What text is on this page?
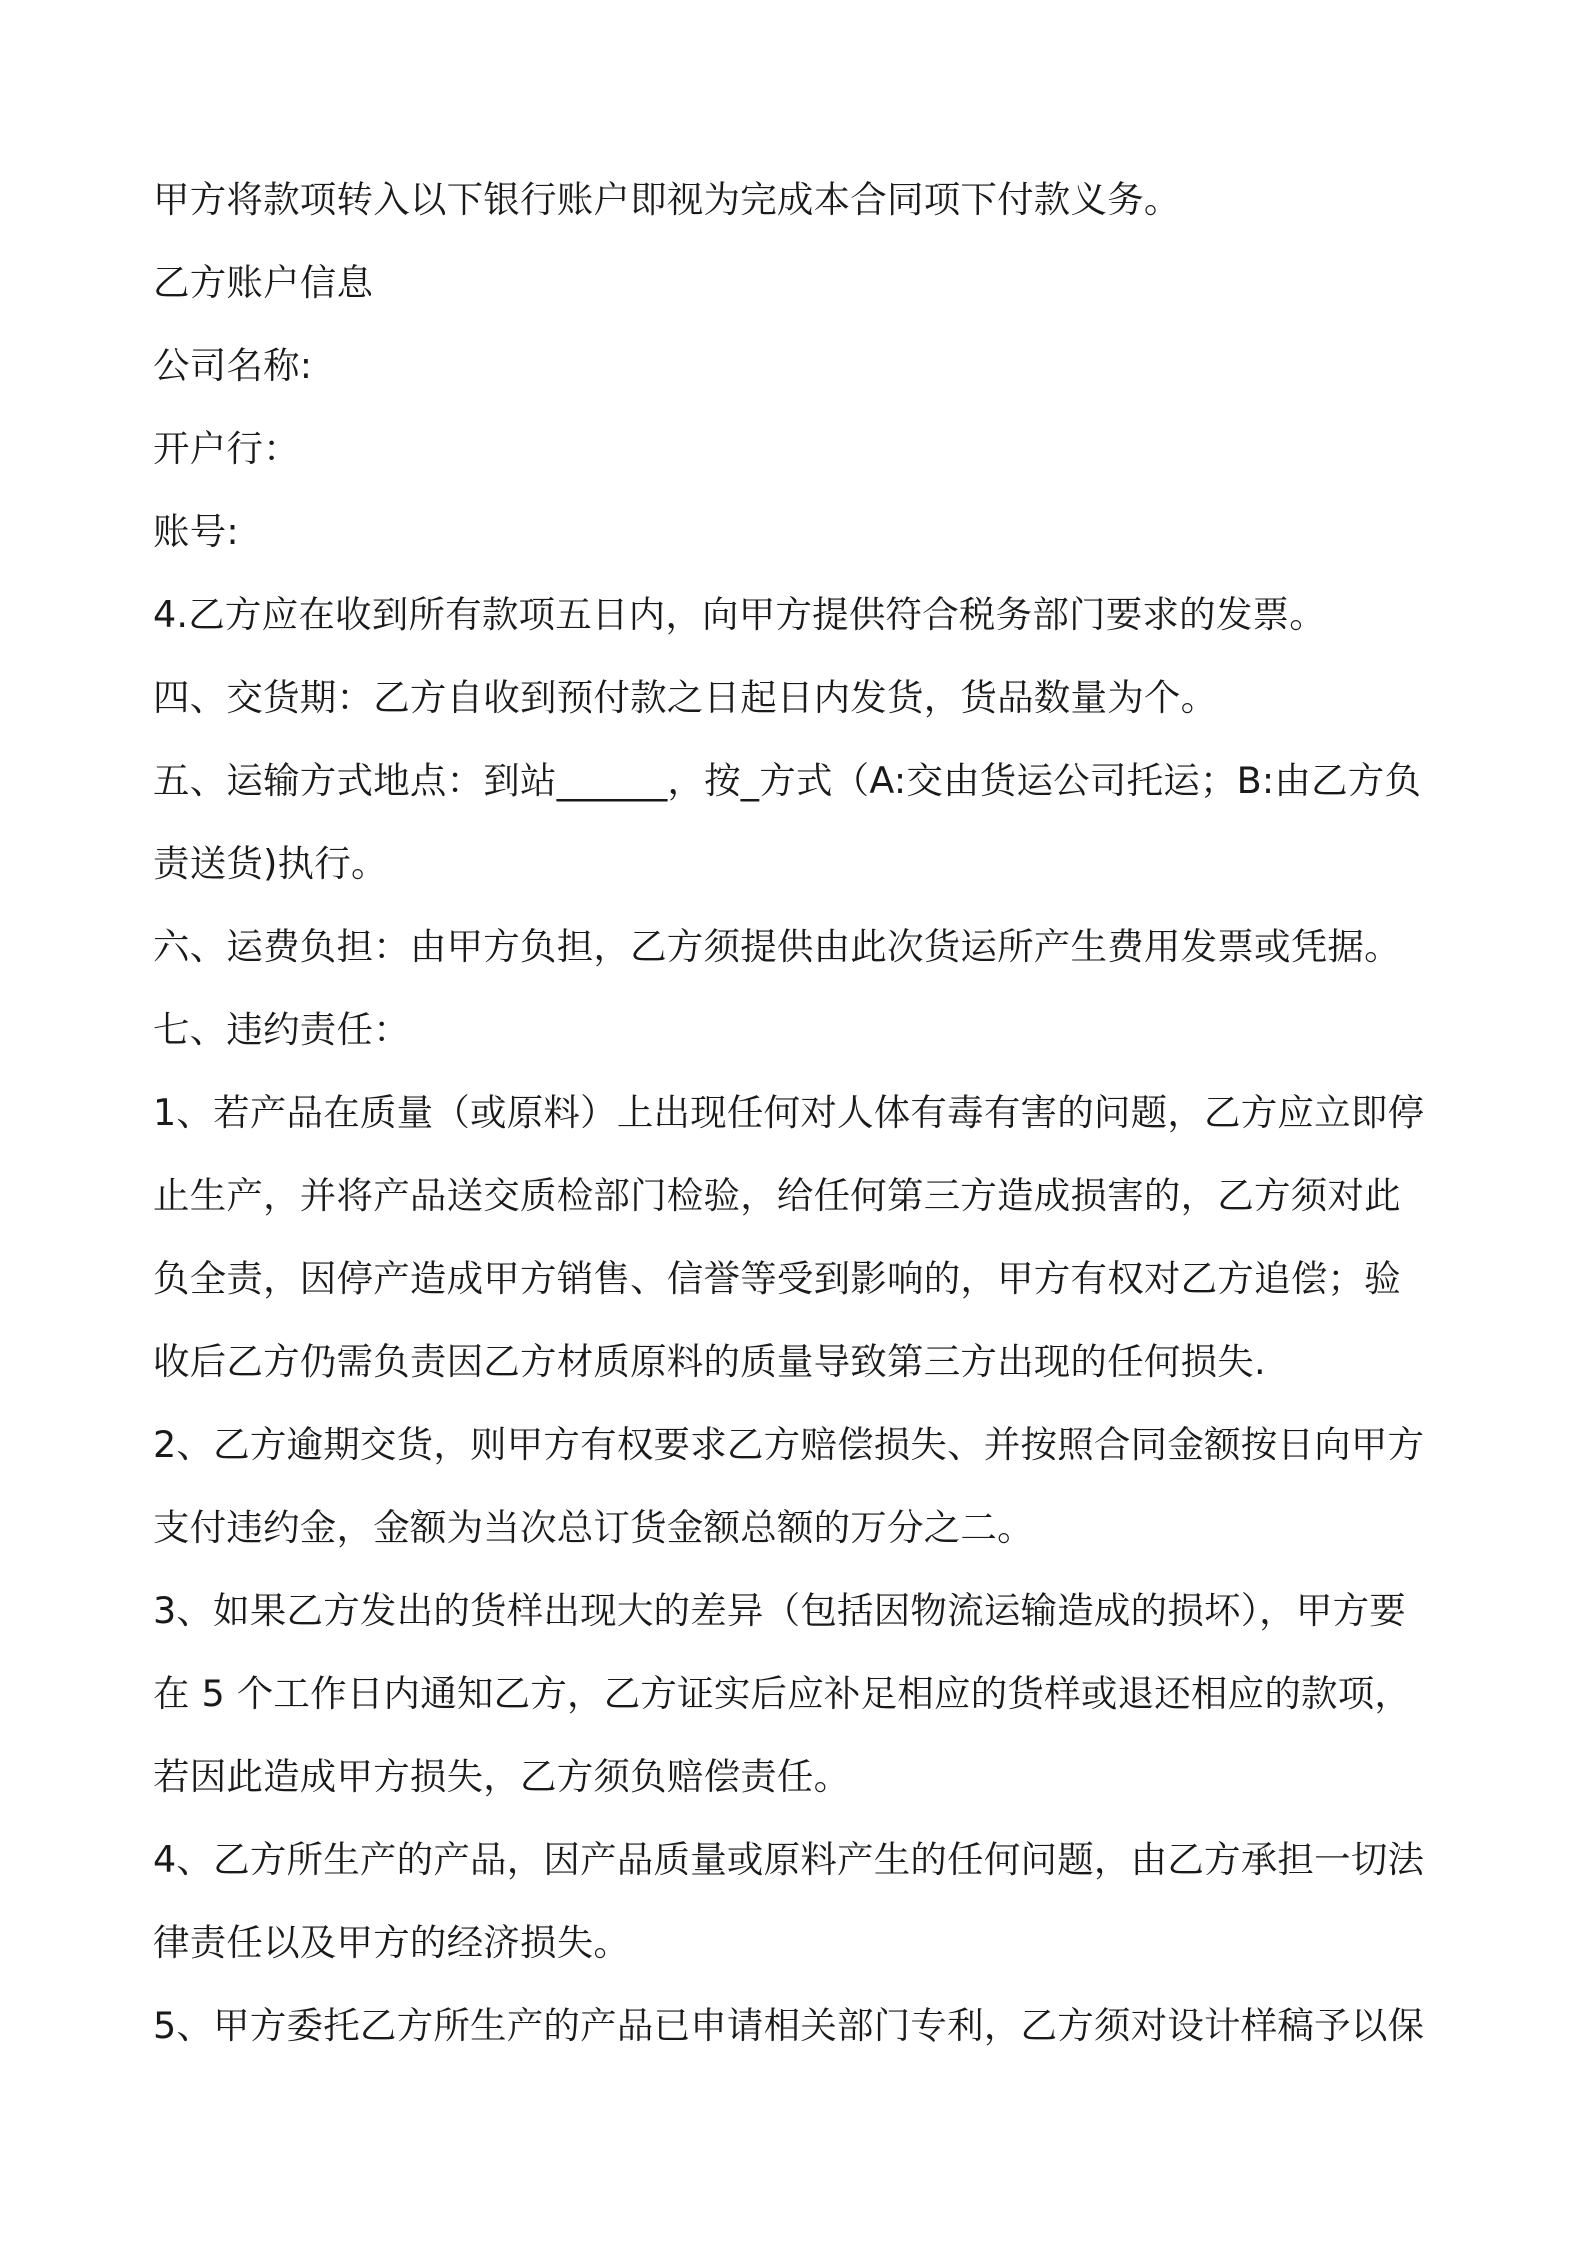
甲方将款项转入以下银行账户即视为完成本合同项下付款义务。

乙方账户信息

公司名称:

开户行：

账号:

4.乙方应在收到所有款项五日内，向甲方提供符合税务部门要求的发票。

四、交货期：乙方自收到预付款之日起日内发货，货品数量为个。

五、运输方式地点：到站______，按_方式（A:交由货运公司托运；B:由乙方负
责送货)执行。

六、运费负担：由甲方负担，乙方须提供由此次货运所产生费用发票或凭据。

七、违约责任：

1、若产品在质量（或原料）上出现任何对人体有毒有害的问题，乙方应立即停
止生产，并将产品送交质检部门检验，给任何第三方造成损害的，乙方须对此
负全责，因停产造成甲方销售、信誉等受到影响的，甲方有权对乙方追偿；验
收后乙方仍需负责因乙方材质原料的质量导致第三方出现的任何损失.

2、乙方逾期交货，则甲方有权要求乙方赔偿损失、并按照合同金额按日向甲方
支付违约金，金额为当次总订货金额总额的万分之二。

3、如果乙方发出的货样出现大的差异（包括因物流运输造成的损坏），甲方要
在 5 个工作日内通知乙方，乙方证实后应补足相应的货样或退还相应的款项，
若因此造成甲方损失，乙方须负赔偿责任。

4、乙方所生产的产品，因产品质量或原料产生的任何问题，由乙方承担一切法
律责任以及甲方的经济损失。

5、甲方委托乙方所生产的产品已申请相关部门专利，乙方须对设计样稿予以保
